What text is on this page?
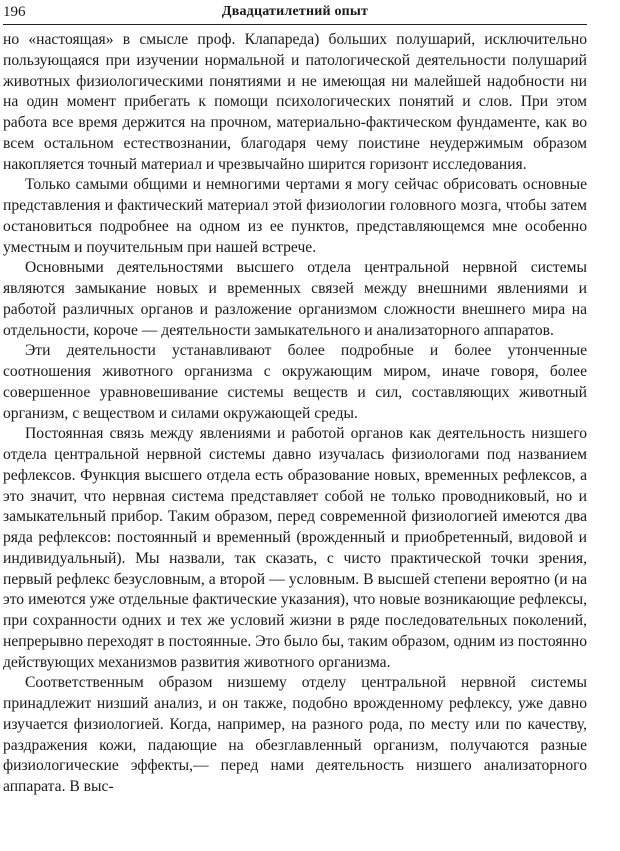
196	Двадцатилетний опыт

но «настоящая» в смысле проф. Клапареда) больших полушарий, исключительно пользующаяся при изучении нормальной и патологической деятельности полушарий животных физиологическими понятиями и не имеющая ни малейшей надобности ни на один момент прибегать к помощи психологических понятий и слов. При этом работа все время держится на прочном, материально-фактическом фундаменте, как во всем остальном естествознании, благодаря чему поистине неудержимым образом накопляется точный материал и чрезвычайно ширится горизонт исследования.

Только самыми общими и немногими чертами я могу сейчас обрисовать основные представления и фактический материал этой физиологии головного мозга, чтобы затем остановиться подробнее на одном из ее пунктов, представляющемся мне особенно уместным и поучительным при нашей встрече.

Основными деятельностями высшего отдела центральной нервной системы являются замыкание новых и временных связей между внешними явлениями и работой различных органов и разложение организмом сложности внешнего мира на отдельности, короче — деятельности замыкательного и анализаторного аппаратов.

Эти деятельности устанавливают более подробные и более утонченные соотношения животного организма с окружающим миром, иначе говоря, более совершенное уравновешивание системы веществ и сил, составляющих животный организм, с веществом и силами окружающей среды.

Постоянная связь между явлениями и работой органов как деятельность низшего отдела центральной нервной системы давно изучалась физиологами под названием рефлексов. Функция высшего отдела есть образование новых, временных рефлексов, а это значит, что нервная система представляет собой не только проводниковый, но и замыкательный прибор. Таким образом, перед современной физиологией имеются два ряда рефлексов: постоянный и временный (врожденный и приобретенный, видовой и индивидуальный). Мы назвали, так сказать, с чисто практической точки зрения, первый рефлекс безусловным, а второй — условным. В высшей степени вероятно (и на это имеются уже отдельные фактические указания), что новые возникающие рефлексы, при сохранности одних и тех же условий жизни в ряде последовательных поколений, непрерывно переходят в постоянные. Это было бы, таким образом, одним из постоянно действующих механизмов развития животного организма.

Соответственным образом низшему отделу центральной нервной системы принадлежит низший анализ, и он также, подобно врожденному рефлексу, уже давно изучается физиологией. Когда, например, на разного рода, по месту или по качеству, раздражения кожи, падающие на обезглавленный организм, получаются разные физиологические эффекты,— перед нами деятельность низшего анализаторного аппарата. В выс-
